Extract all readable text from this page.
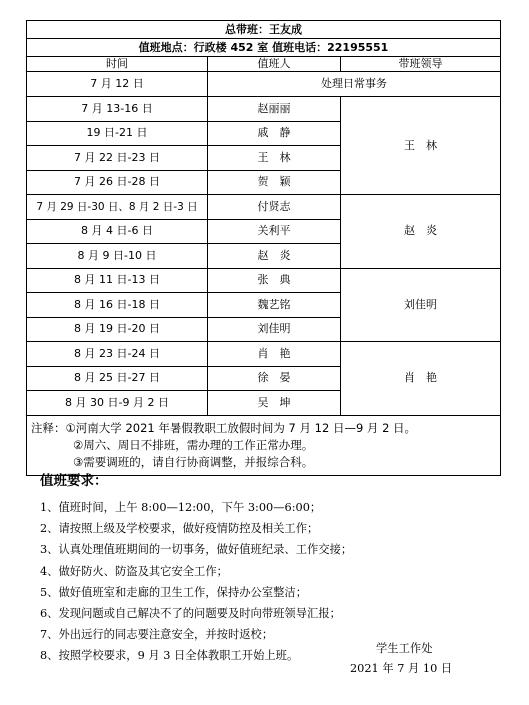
总带班：王友成		
值班地点：行政楼 452 室 值班电话：22195551		
时间	值班人	带班领导
7 月 12 日	处理日常事务	
7 月 13-16 日	赵丽丽	王　林
19 日-21 日	戚　静	
7 月 22 日-23 日	王　林	
7 月 26 日-28 日	贺　颖	
7 月 29 日-30 日、8 月 2 日-3 日	付贤志	赵　炎
8 月 4 日-6 日	关利平	
8 月 9 日-10 日	赵　炎	
8 月 11 日-13 日	张　典	刘佳明
8 月 16 日-18 日	魏艺铭	
8 月 19 日-20 日	刘佳明	
8 月 23 日-24 日	肖　艳	肖　艳
8 月 25 日-27 日	徐　晏	
8 月 30 日-9 月 2 日	吴　坤	

注释：①河南大学 2021 年暑假教职工放假时间为 7 月 12 日—9 月 2 日。
②周六、周日不排班，需办理的工作正常办理。
③需要调班的，请自行协商调整，并报综合科。		
值班要求：
1、值班时间，上午 8:00—12:00，下午 3:00—6:00；
2、请按照上级及学校要求，做好疫情防控及相关工作；
3、认真处理值班期间的一切事务，做好值班纪录、工作交接；
4、做好防火、防盗及其它安全工作；
5、做好值班室和走廊的卫生工作，保持办公室整洁；
6、发现问题或自己解决不了的问题要及时向带班领导汇报；
7、外出远行的同志要注意安全，并按时返校；
8、按照学校要求，9 月 3 日全体教职工开始上班。
学生工作处
2021 年 7 月 10 日
